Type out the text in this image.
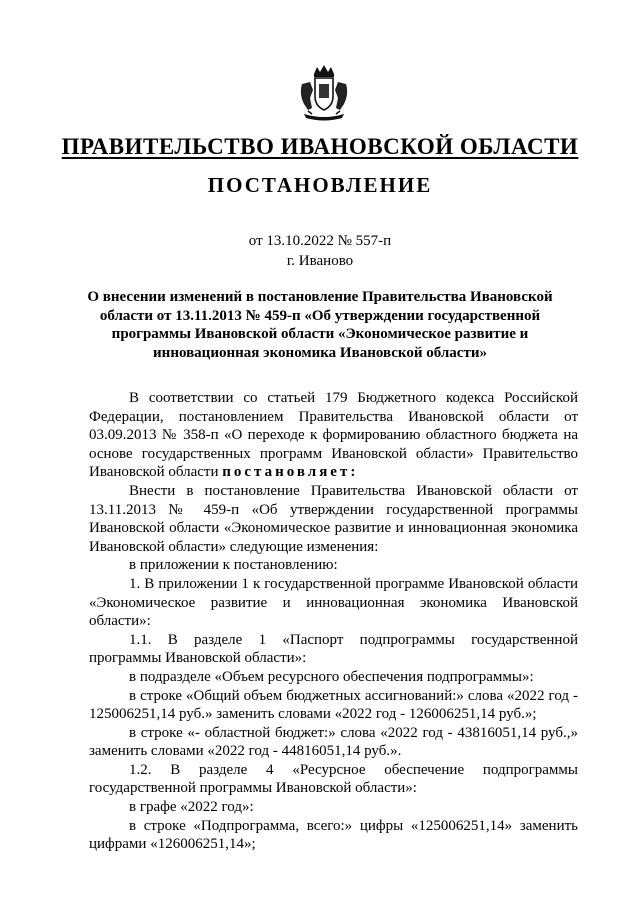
ПРАВИТЕЛЬСТВО ИВАНОВСКОЙ ОБЛАСТИ
ПОСТАНОВЛЕНИЕ
от 13.10.2022 № 557-п
г. Иваново
О внесении изменений в постановление Правительства Ивановской области от 13.11.2013 № 459-п «Об утверждении государственной программы Ивановской области «Экономическое развитие и инновационная экономика Ивановской области»

В соответствии со статьей 179 Бюджетного кодекса Российской Федерации, постановлением Правительства Ивановской области от 03.09.2013 № 358-п «О переходе к формированию областного бюджета на основе государственных программ Ивановской области» Правительство Ивановской области постановляет:

Внести в постановление Правительства Ивановской области от 13.11.2013 № 459-п «Об утверждении государственной программы Ивановской области «Экономическое развитие и инновационная экономика Ивановской области» следующие изменения:

в приложении к постановлению:

1. В приложении 1 к государственной программе Ивановской области «Экономическое развитие и инновационная экономика Ивановской области»:

1.1. В разделе 1 «Паспорт подпрограммы государственной программы Ивановской области»:

в подразделе «Объем ресурсного обеспечения подпрограммы»:

в строке «Общий объем бюджетных ассигнований:» слова «2022 год - 125006251,14 руб.» заменить словами «2022 год - 126006251,14 руб.»;

в строке «- областной бюджет:» слова «2022 год - 43816051,14 руб.,» заменить словами «2022 год - 44816051,14 руб.».

1.2. В разделе 4 «Ресурсное обеспечение подпрограммы государственной программы Ивановской области»:

в графе «2022 год»:

в строке «Подпрограмма, всего:» цифры «125006251,14» заменить цифрами «126006251,14»;
